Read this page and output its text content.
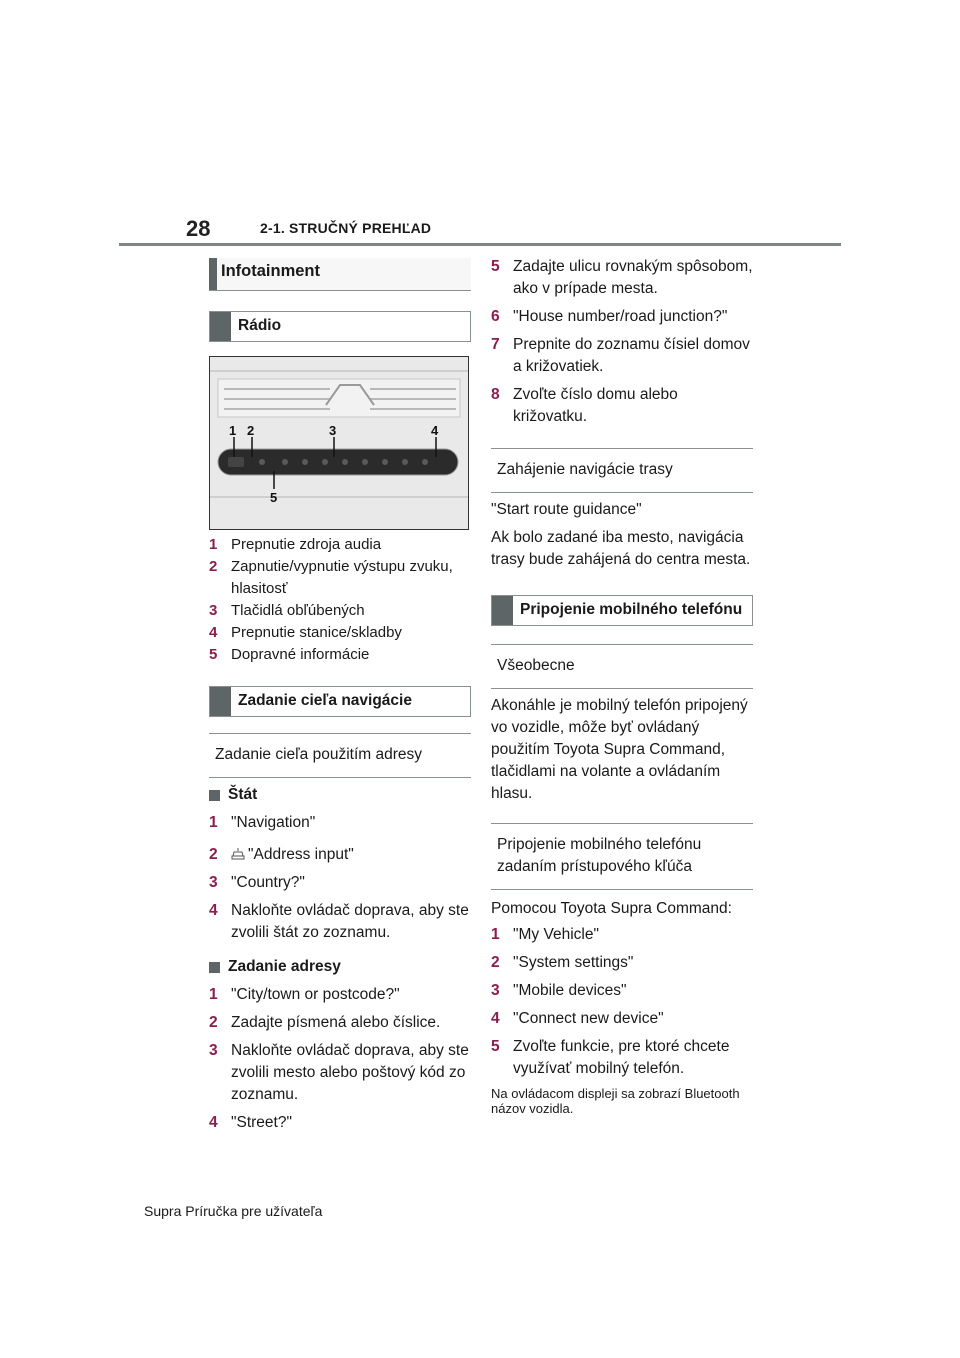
28	2-1. STRUČNÝ PREHĽAD
Infotainment
Rádio
1 2	3	4
5
1 Prepnutie zdroja audia
2 Zapnutie/vypnutie výstupu zvuku, hlasitosť
3 Tlačidlá obľúbených
4 Prepnutie stanice/skladby
5 Dopravné informácie
Zadanie cieľa navigácie
Zadanie cieľa použitím adresy
Štát
1 "Navigation"
2	"Address input"
3 "Country?"
4 Nakloňte ovládač doprava, aby ste zvolili štát zo zoznamu.
Zadanie adresy
1 "City/town or postcode?"
2 Zadajte písmená alebo číslice.
3 Nakloňte ovládač doprava, aby ste zvolili mesto alebo poštový kód zo zoznamu.
4 "Street?"
5 Zadajte ulicu rovnakým spôsobom, ako v prípade mesta.
6 "House number/road junction?"
7 Prepnite do zoznamu čísiel domov a križovatiek.
8 Zvoľte číslo domu alebo križovatku.
Zahájenie navigácie trasy

"Start route guidance"

Ak bolo zadané iba mesto, navigácia trasy bude zahájená do centra mesta.

Pripojenie mobilného telefónu
Všeobecne

Akonáhle je mobilný telefón pripojený vo vozidle, môže byť ovládaný použitím Toyota Supra Command, tlačidlami na volante a ovládaním hlasu.

Pripojenie mobilného telefónu zadaním prístupového kľúča

Pomocou Toyota Supra Command:

1 "My Vehicle"
2 "System settings"
3 "Mobile devices"
4 "Connect new device"
5 Zvoľte funkcie, pre ktoré chcete využívať mobilný telefón.

Na ovládacom displeji sa zobrazí Bluetooth názov vozidla.

Supra Príručka pre užívateľa
